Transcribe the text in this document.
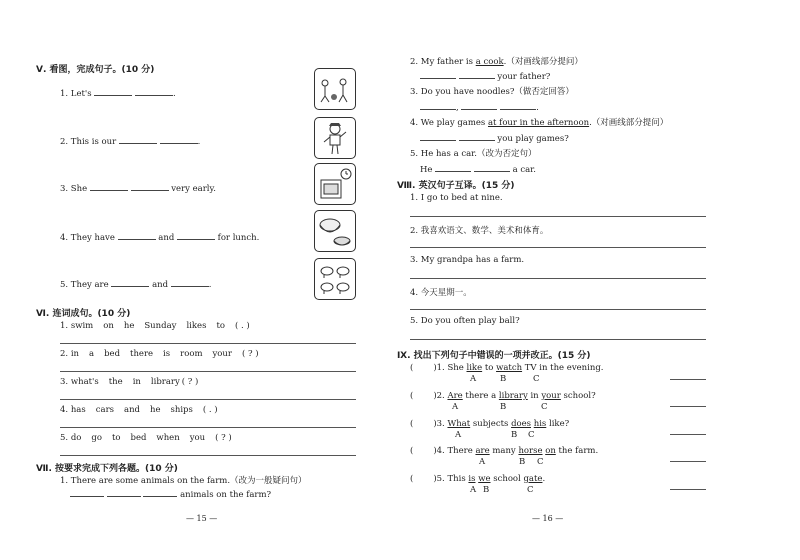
Ⅴ. 看图，完成句子。(10 分)
1. Let's	.
2. This is our	.
3. She	very early.
4. They have	and	for lunch.
5. They are	and	.
Ⅵ. 连词成句。(10 分)
1. swim on he Sunday likes to ( . )
2. in a bed there is room your ( ? )
3. what's the in library ( ? )
4. has cars and he ships ( . )
5. do go to bed when you ( ? )
Ⅶ. 按要求完成下列各题。(10 分)
1. There are some animals on the farm.（改为一般疑问句）
animals on the farm?
— 15 —
2. My father is a cook.（对画线部分提问）
your father?
3. Do you have noodles?（做否定回答）
,	.
4. We play games at four in the afternoon.（对画线部分提问）
you play games?
5. He has a car.（改为否定句）
He	a car.
Ⅷ. 英汉句子互译。(15 分)
1. I go to bed at nine.
2. 我喜欢语文、数学、美术和体育。
3. My grandpa has a farm.
4. 今天星期一。
5. Do you often play ball?
Ⅸ. 找出下列句子中错误的一项并改正。(15 分)
( )1. She like to watch TV in the evening.
A	B	C
( )2. Are there a library in your school?
A	B	C
( )3. What subjects does his like?
A	B C
( )4. There are many horse on the farm.
A	B C
( )5. This is we school gate.
A B	C
— 16 —
